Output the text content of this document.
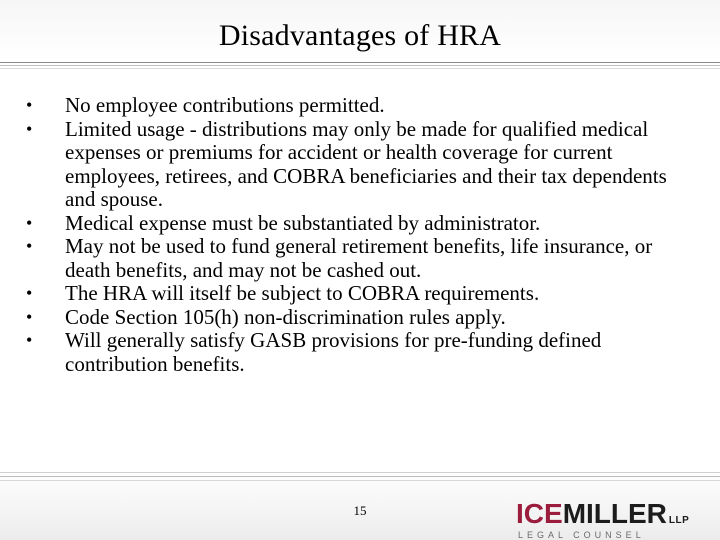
Disadvantages of HRA
• No employee contributions permitted.
• Limited usage - distributions may only be made for qualified medical expenses or premiums for accident or health coverage for current employees, retirees, and COBRA beneficiaries and their tax dependents and spouse.
• Medical expense must be substantiated by administrator.
• May not be used to fund general retirement benefits, life insurance, or death benefits, and may not be cashed out.
• The HRA will itself be subject to COBRA requirements.
• Code Section 105(h) non-discrimination rules apply.
• Will generally satisfy GASB provisions for pre-funding defined contribution benefits.
15	ICEMILLER LLP
LEGAL COUNSEL
